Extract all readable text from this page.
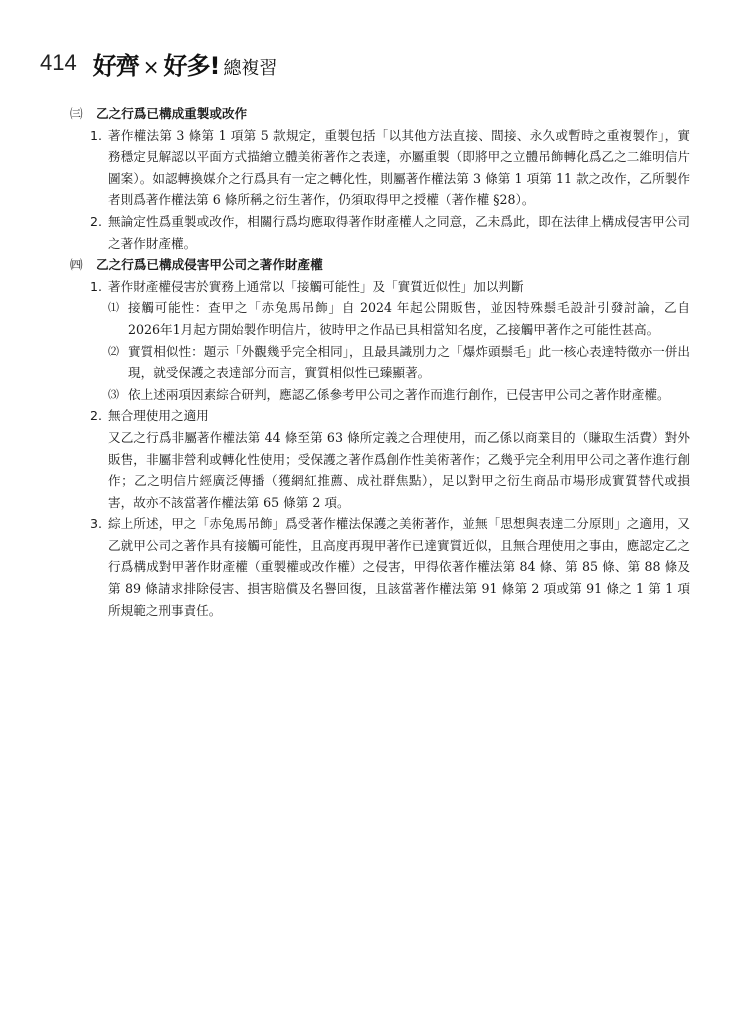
414 好齊 × 好多! 總複習

㈢ 乙之行爲已構成重製或改作

1. 著作權法第 3 條第 1 項第 5 款規定，重製包括「以其他方法直接、間接、永久或暫時之重複製作」，實務穩定見解認以平面方式描繪立體美術著作之表達，亦屬重製（即將甲之立體吊飾轉化爲乙之二維明信片圖案）。如認轉換媒介之行爲具有一定之轉化性，則屬著作權法第 3 條第 1 項第 11 款之改作，乙所製作者則爲著作權法第 6 條所稱之衍生著作，仍須取得甲之授權（著作權 §28）。

2. 無論定性爲重製或改作，相關行爲均應取得著作財產權人之同意，乙未爲此，即在法律上構成侵害甲公司之著作財產權。

㈣ 乙之行爲已構成侵害甲公司之著作財產權

1. 著作財產權侵害於實務上通常以「接觸可能性」及「實質近似性」加以判斷

⑴ 接觸可能性：查甲之「赤兔馬吊飾」自 2024 年起公開販售，並因特殊鬃毛設計引發討論，乙自2026年1月起方開始製作明信片，彼時甲之作品已具相當知名度，乙接觸甲著作之可能性甚高。

⑵ 實質相似性：題示「外觀幾乎完全相同」，且最具識別力之「爆炸頭鬃毛」此一核心表達特徵亦一併出現，就受保護之表達部分而言，實質相似性已臻顯著。

⑶ 依上述兩項因素綜合研判，應認乙係參考甲公司之著作而進行創作，已侵害甲公司之著作財產權。

2. 無合理使用之適用

又乙之行爲非屬著作權法第 44 條至第 63 條所定義之合理使用，而乙係以商業目的（賺取生活費）對外販售，非屬非營利或轉化性使用；受保護之著作爲創作性美術著作；乙幾乎完全利用甲公司之著作進行創作；乙之明信片經廣泛傳播（獲網紅推薦、成社群焦點），足以對甲之衍生商品市場形成實質替代或損害，故亦不該當著作權法第 65 條第 2 項。

3. 綜上所述，甲之「赤兔馬吊飾」爲受著作權法保護之美術著作，並無「思想與表達二分原則」之適用，又乙就甲公司之著作具有接觸可能性，且高度再現甲著作已達實質近似，且無合理使用之事由，應認定乙之行爲構成對甲著作財產權（重製權或改作權）之侵害，甲得依著作權法第 84 條、第 85 條、第 88 條及第 89 條請求排除侵害、損害賠償及名譽回復，且該當著作權法第 91 條第 2 項或第 91 條之 1 第 1 項所規範之刑事責任。
